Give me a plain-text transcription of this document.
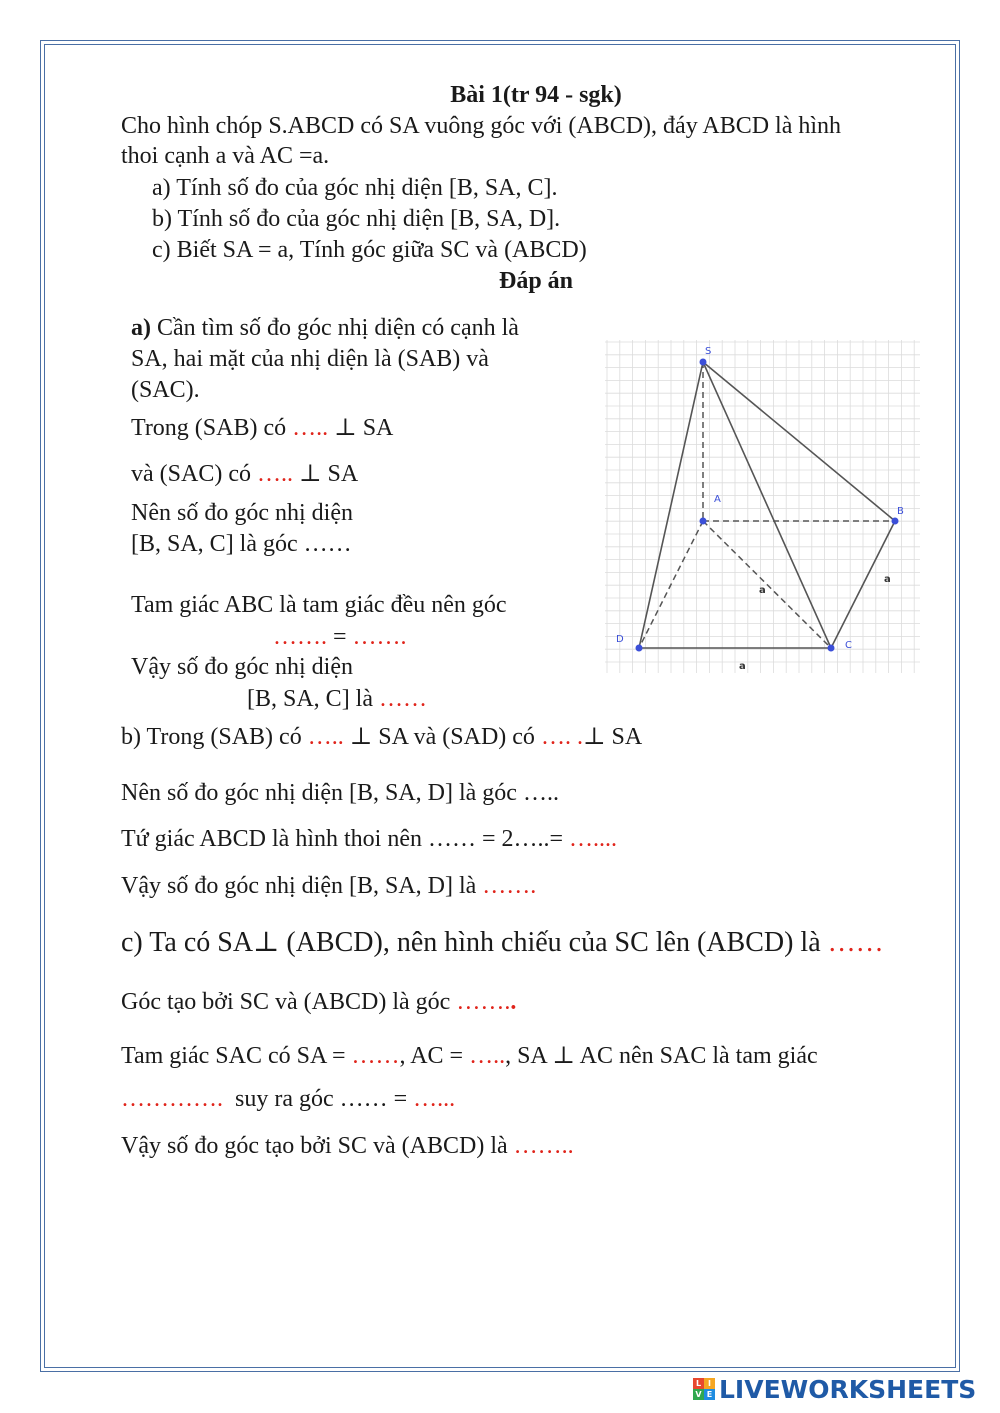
Bài 1(tr 94 - sgk)

Cho hình chóp S.ABCD có SA vuông góc với (ABCD), đáy ABCD là hình

thoi cạnh a và AC =a.

a) Tính số đo của góc nhị diện [B, SA, C].

b) Tính số đo của góc nhị diện [B, SA, D].

c) Biết SA = a, Tính góc giữa SC và (ABCD)

Đáp án

a) Cần tìm số đo góc nhị diện có cạnh là

SA, hai mặt của nhị diện là (SAB) và

(SAC).

Trong (SAB) có ….. ⊥ SA

và (SAC) có ….. ⊥ SA

Nên số đo góc nhị diện

[B, SA, C] là góc ……

Tam giác ABC là tam giác đều nên góc

……. = …….

Vậy số đo góc nhị diện

[B, SA, C] là ……

S
A
B
C
D
a
a
a

b) Trong (SAB) có ….. ⊥ SA và (SAD) có …. .⊥ SA

Nên số đo góc nhị diện [B, SA, D] là góc …..

Tứ giác ABCD là hình thoi nên …… = 2…..= …....

Vậy số đo góc nhị diện [B, SA, D] là …….

c) Ta có SA⊥ (ABCD), nên hình chiếu của SC lên (ABCD) là ……

Góc tạo bởi SC và (ABCD) là góc ……..

Tam giác SAC có SA = ……, AC = ….., SA ⊥ AC nên SAC là tam giác

………….  suy ra góc …… = …...

Vậy số đo góc tạo bởi SC và (ABCD) là ……..

L I
V E LIVEWORKSHEETS
